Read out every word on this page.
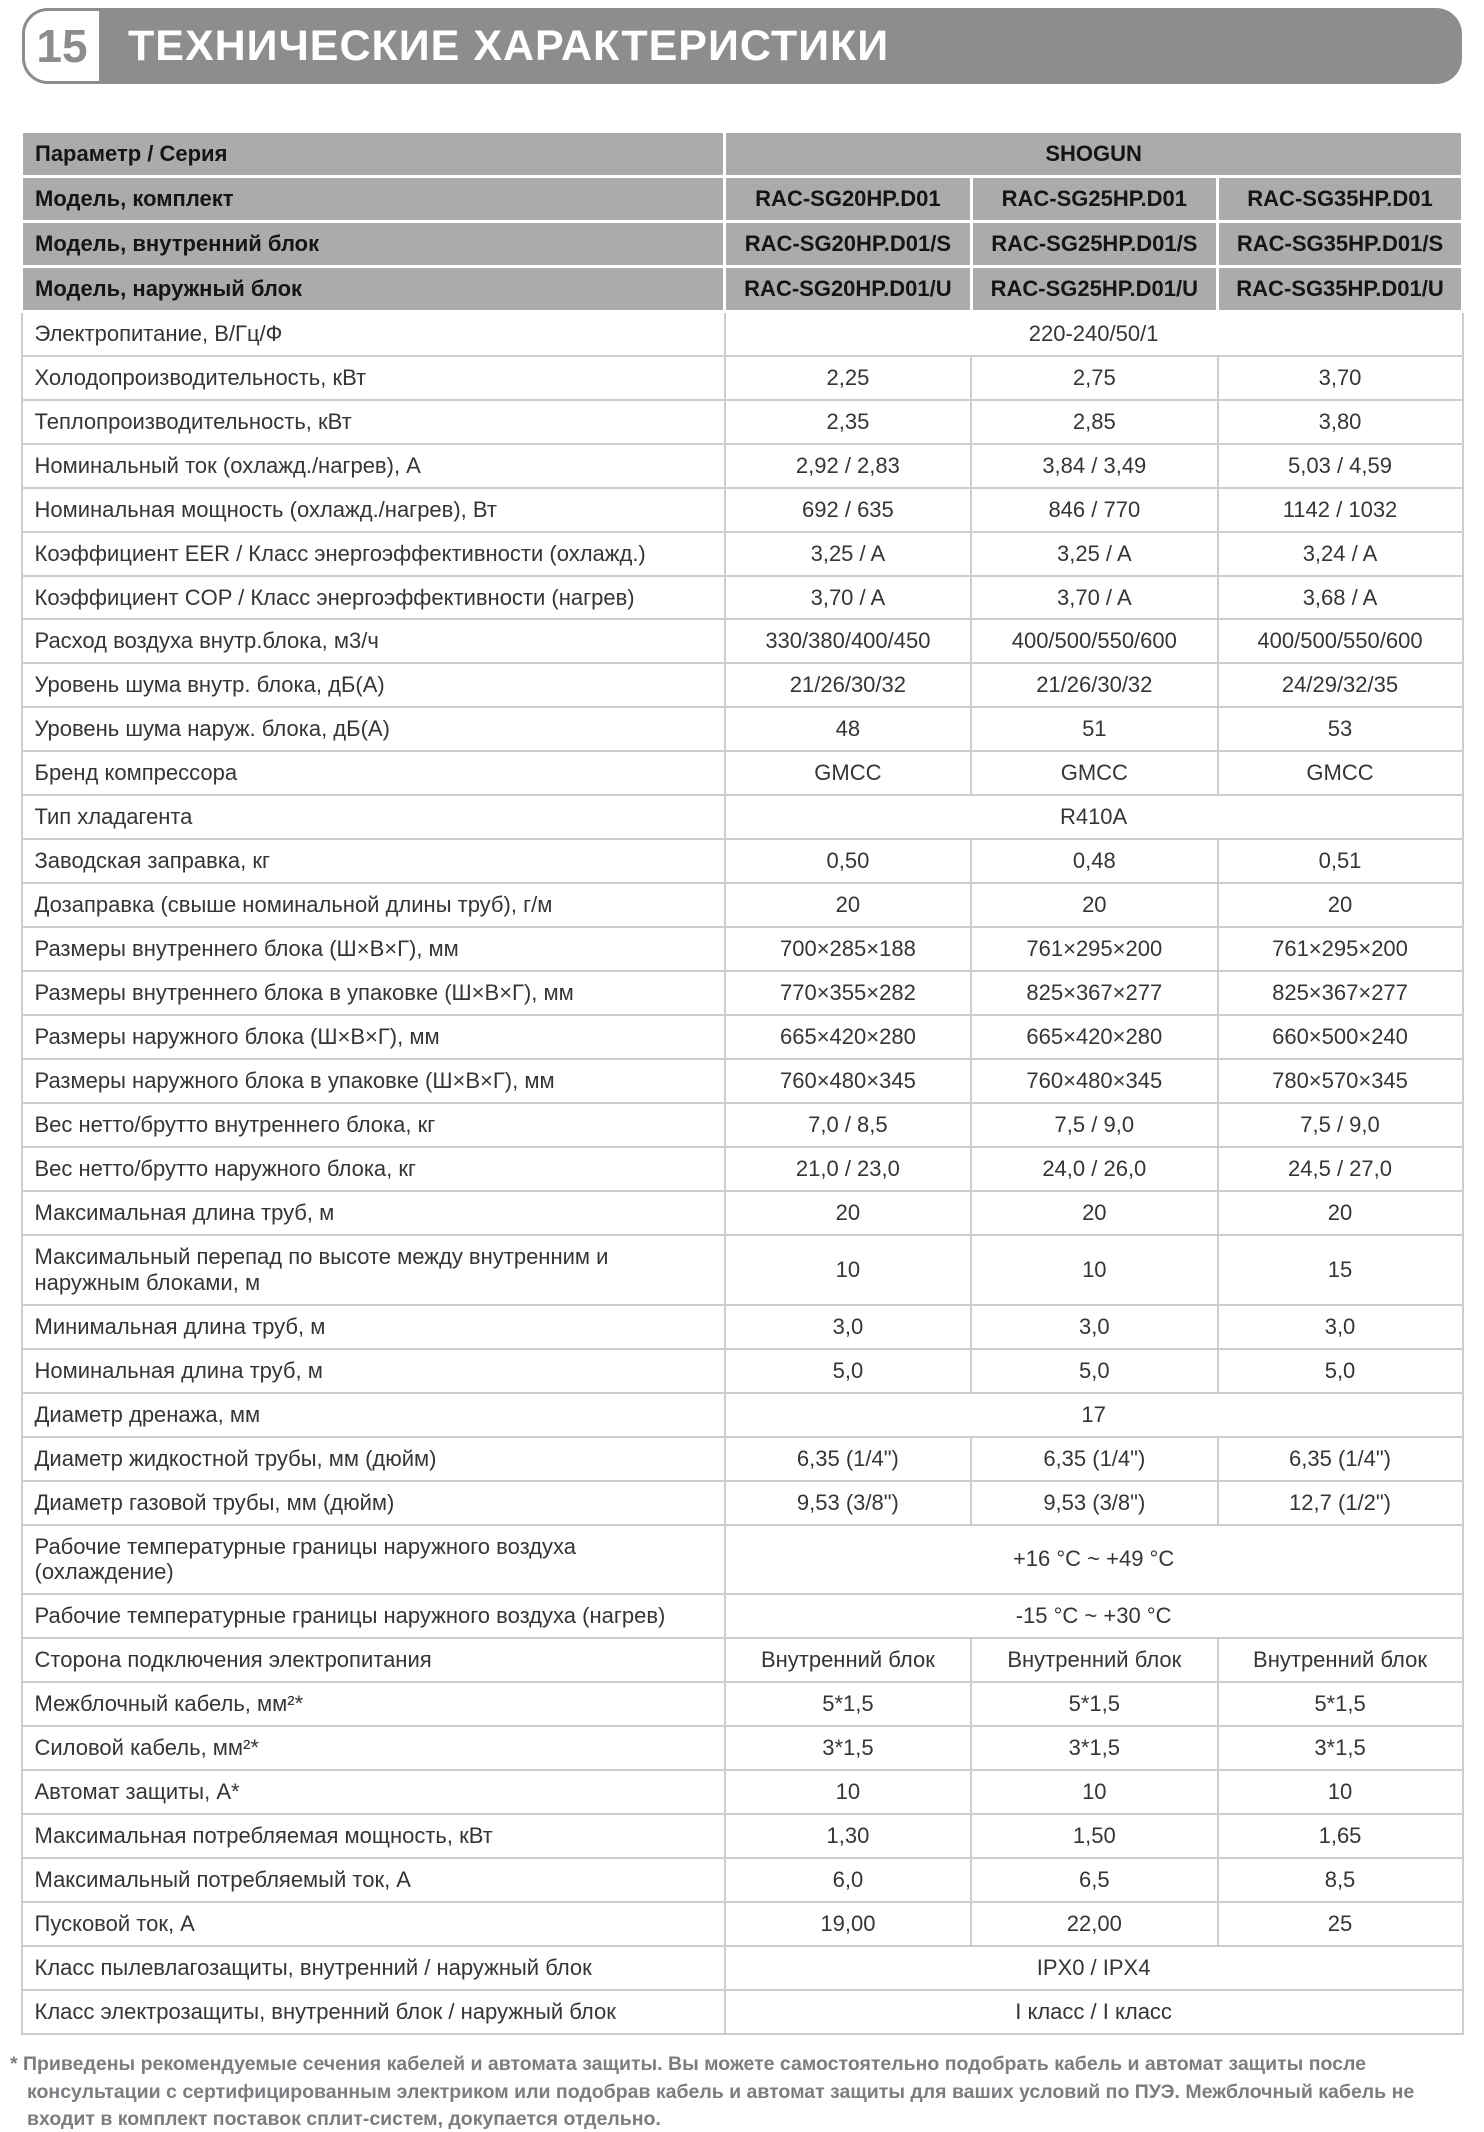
15 ТЕХНИЧЕСКИЕ ХАРАКТЕРИСТИКИ
Параметр / Серия	SHOGUN		
Модель, комплект	RAC-SG20HP.D01	RAC-SG25HP.D01	RAC-SG35HP.D01
Модель, внутренний блок	RAC-SG20HP.D01/S	RAC-SG25HP.D01/S	RAC-SG35HP.D01/S
Модель, наружный блок	RAC-SG20HP.D01/U	RAC-SG25HP.D01/U	RAC-SG35HP.D01/U
Электропитание, В/Гц/Ф	220-240/50/1		
Холодопроизводительность, кВт	2,25	2,75	3,70
Теплопроизводительность, кВт	2,35	2,85	3,80
Номинальный ток (охлажд./нагрев), А	2,92 / 2,83	3,84 / 3,49	5,03 / 4,59
Номинальная мощность (охлажд./нагрев), Вт	692 / 635	846 / 770	1142 / 1032
Коэффициент EER / Класс энергоэффективности (охлажд.)	3,25 / A	3,25 / A	3,24 / A
Коэффициент COP / Класс энергоэффективности (нагрев)	3,70 / A	3,70 / A	3,68 / A
Расход воздуха внутр.блока, м3/ч	330/380/400/450	400/500/550/600	400/500/550/600
Уровень шума внутр. блока, дБ(А)	21/26/30/32	21/26/30/32	24/29/32/35
Уровень шума наруж. блока, дБ(А)	48	51	53
Бренд компрессора	GMCC	GMCC	GMCC
Тип хладагента	R410A		
Заводская заправка, кг	0,50	0,48	0,51
Дозаправка (свыше номинальной длины труб), г/м	20	20	20
Размеры внутреннего блока (Ш×В×Г), мм	700×285×188	761×295×200	761×295×200
Размеры внутреннего блока в упаковке (Ш×В×Г), мм	770×355×282	825×367×277	825×367×277
Размеры наружного блока (Ш×В×Г), мм	665×420×280	665×420×280	660×500×240
Размеры наружного блока в упаковке (Ш×В×Г), мм	760×480×345	760×480×345	780×570×345
Вес нетто/брутто внутреннего блока, кг	7,0 / 8,5	7,5 / 9,0	7,5 / 9,0
Вес нетто/брутто наружного блока, кг	21,0 / 23,0	24,0 / 26,0	24,5 / 27,0
Максимальная длина труб, м	20	20	20
Максимальный перепад по высоте между внутренним и наружным блоками, м	10	10	15
Минимальная длина труб, м	3,0	3,0	3,0
Номинальная длина труб, м	5,0	5,0	5,0
Диаметр дренажа, мм	17		
Диаметр жидкостной трубы, мм (дюйм)	6,35 (1/4")	6,35 (1/4")	6,35 (1/4")
Диаметр газовой трубы, мм (дюйм)	9,53 (3/8")	9,53 (3/8")	12,7 (1/2")
Рабочие температурные границы наружного воздуха (охлаждение)	+16 °C ~ +49 °C		
Рабочие температурные границы наружного воздуха (нагрев)	-15 °C ~ +30 °C		
Сторона подключения электропитания	Внутренний блок	Внутренний блок	Внутренний блок
Межблочный кабель, мм²*	5*1,5	5*1,5	5*1,5
Силовой кабель, мм²*	3*1,5	3*1,5	3*1,5
Автомат защиты, А*	10	10	10
Максимальная потребляемая мощность, кВт	1,30	1,50	1,65
Максимальный потребляемый ток, А	6,0	6,5	8,5
Пусковой ток, А	19,00	22,00	25
Класс пылевлагозащиты, внутренний / наружный блок	IPX0 / IPX4		
Класс электрозащиты, внутренний блок / наружный блок	I класс / I класс		
* Приведены рекомендуемые сечения кабелей и автомата защиты. Вы можете самостоятельно подобрать кабель и автомат защиты после консультации с сертифицированным электриком или подобрав кабель и автомат защиты для ваших условий по ПУЭ. Межблочный кабель не входит в комплект поставок сплит-систем, докупается отдельно.
